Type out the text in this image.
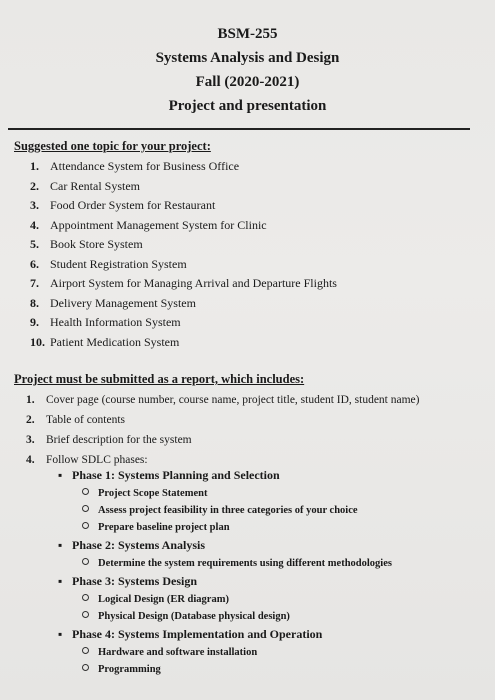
BSM-255
Systems Analysis and Design
Fall (2020-2021)
Project and presentation
Suggested one topic for your project:
1. Attendance System for Business Office
2. Car Rental System
3. Food Order System for Restaurant
4. Appointment Management System for Clinic
5. Book Store System
6. Student Registration System
7. Airport System for Managing Arrival and Departure Flights
8. Delivery Management System
9. Health Information System
10. Patient Medication System
Project must be submitted as a report, which includes:
1. Cover page (course number, course name, project title, student ID, student name)
2. Table of contents
3. Brief description for the system
4. Follow SDLC phases:
▪ Phase 1: Systems Planning and Selection
Project Scope Statement
Assess project feasibility in three categories of your choice
Prepare baseline project plan
▪ Phase 2: Systems Analysis
Determine the system requirements using different methodologies
▪ Phase 3: Systems Design
Logical Design (ER diagram)
Physical Design (Database physical design)
▪ Phase 4: Systems Implementation and Operation
Hardware and software installation
Programming
